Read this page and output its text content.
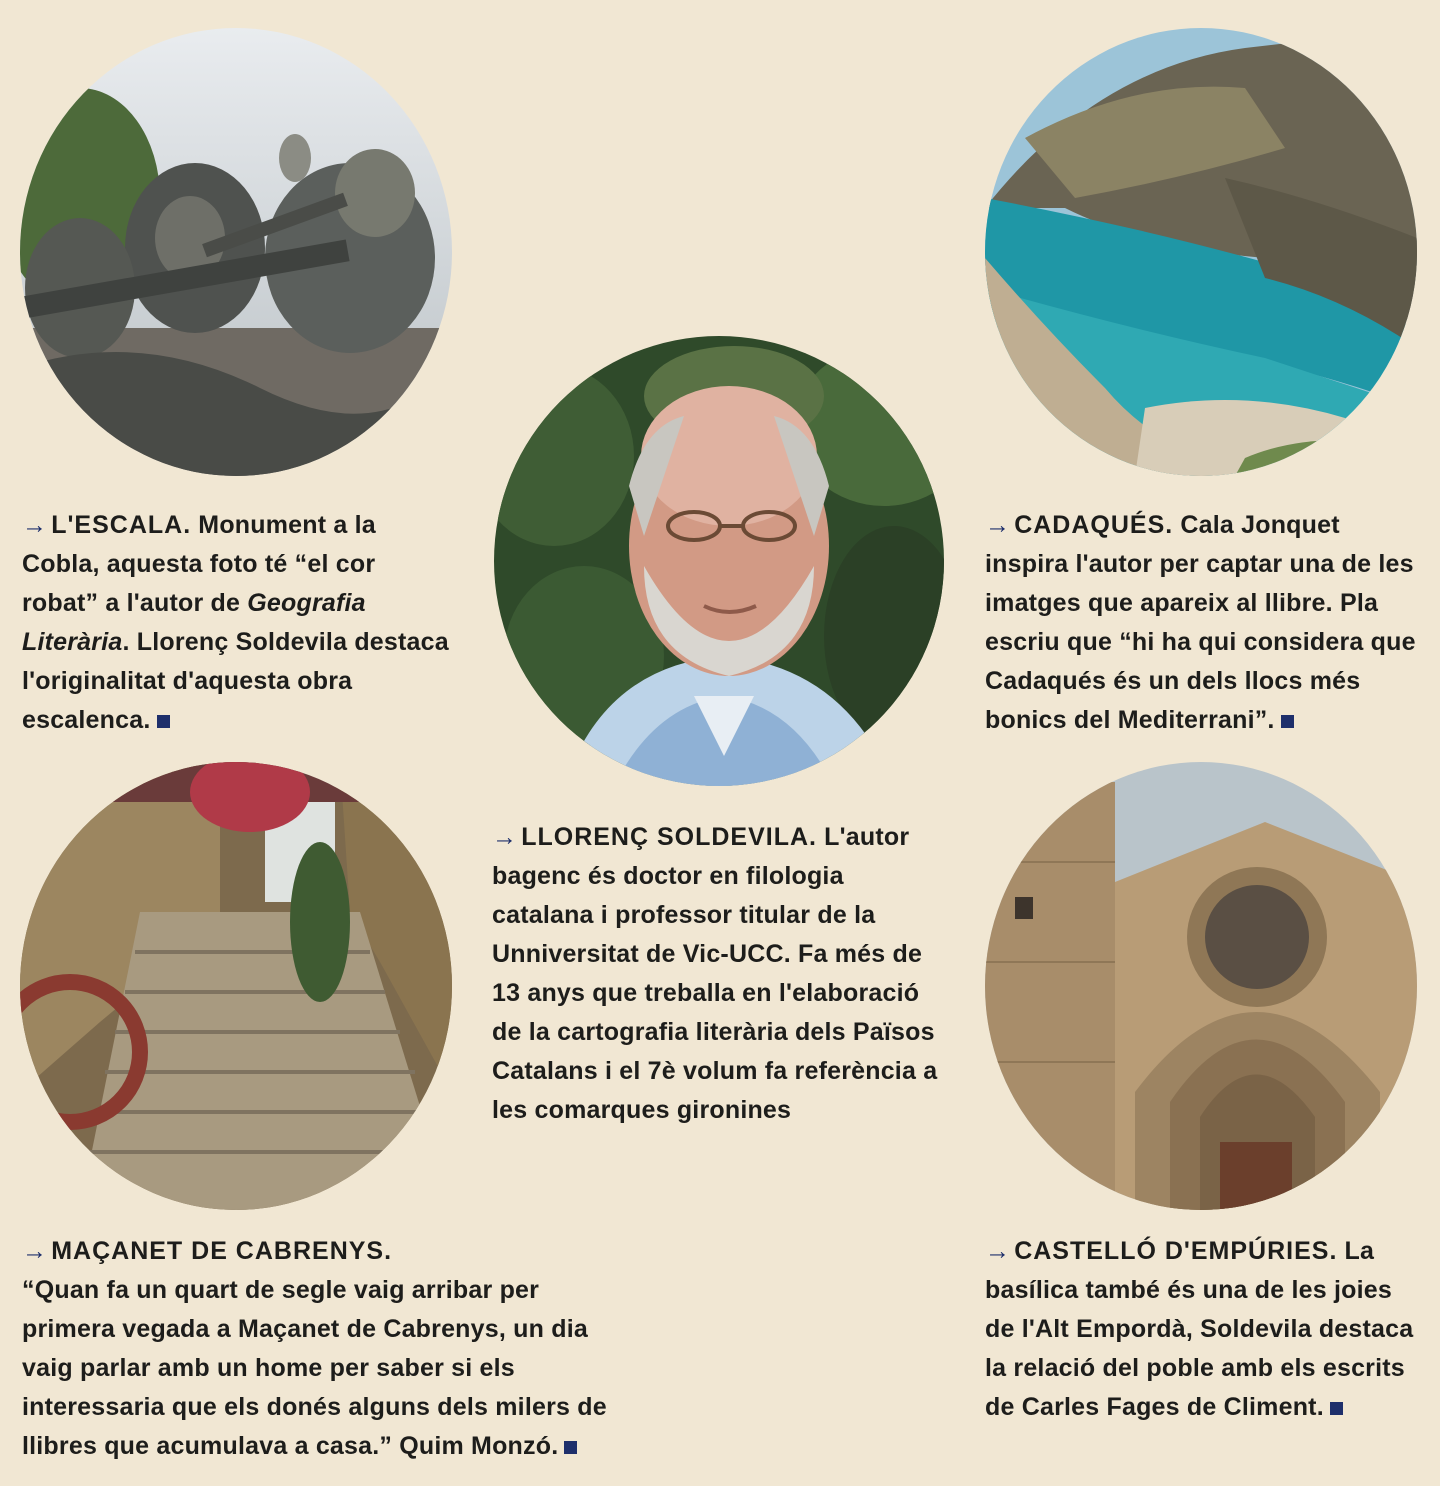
→ L'ESCALA. Monument a la Cobla, aquesta foto té “el cor robat” a l'autor de Geografia Literària. Llorenç Soldevila destaca l'originalitat d'aquesta obra escalenca.
→ LLORENÇ SOLDEVILA. L'autor bagenc és doctor en filologia catalana i professor titular de la Unniversitat de Vic-UCC. Fa més de 13 anys que treballa en l'elaboració de la cartografia literària dels Països Catalans i el 7è volum fa referència a les comarques gironines
→ CADAQUÉS. Cala Jonquet inspira l'autor per captar una de les imatges que apareix al llibre. Pla escriu que “hi ha qui considera que Cadaqués és un dels llocs més bonics del Mediterrani”.
→ MAÇANET DE CABRENYS.
“Quan fa un quart de segle vaig arribar per primera vegada a Maçanet de Cabrenys, un dia vaig parlar amb un home per saber si els interessaria que els donés alguns dels milers de llibres que acumulava a casa.” Quim Monzó.
→ CASTELLÓ D'EMPÚRIES. La basílica també és una de les joies de l'Alt Empordà, Soldevila destaca la relació del poble amb els escrits de Carles Fages de Climent.
